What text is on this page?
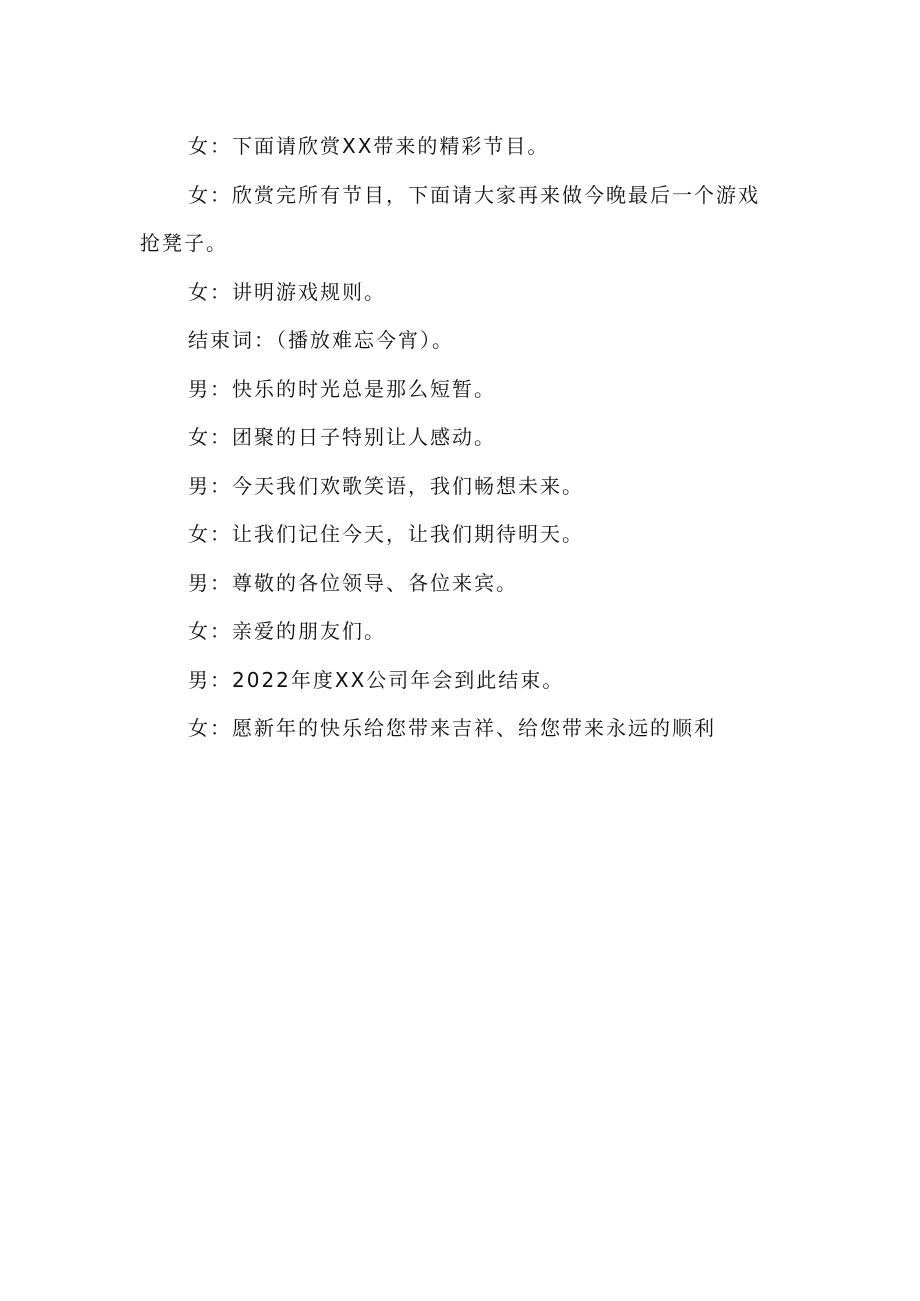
女：下面请欣赏XX带来的精彩节目。

女：欣赏完所有节目，下面请大家再来做今晚最后一个游戏抢凳子。

女：讲明游戏规则。

结束词：（播放难忘今宵）。

男：快乐的时光总是那么短暂。

女：团聚的日子特别让人感动。

男：今天我们欢歌笑语，我们畅想未来。

女：让我们记住今天，让我们期待明天。

男：尊敬的各位领导、各位来宾。

女：亲爱的朋友们。

男：2022年度XX公司年会到此结束。

女：愿新年的快乐给您带来吉祥、给您带来永远的顺利
